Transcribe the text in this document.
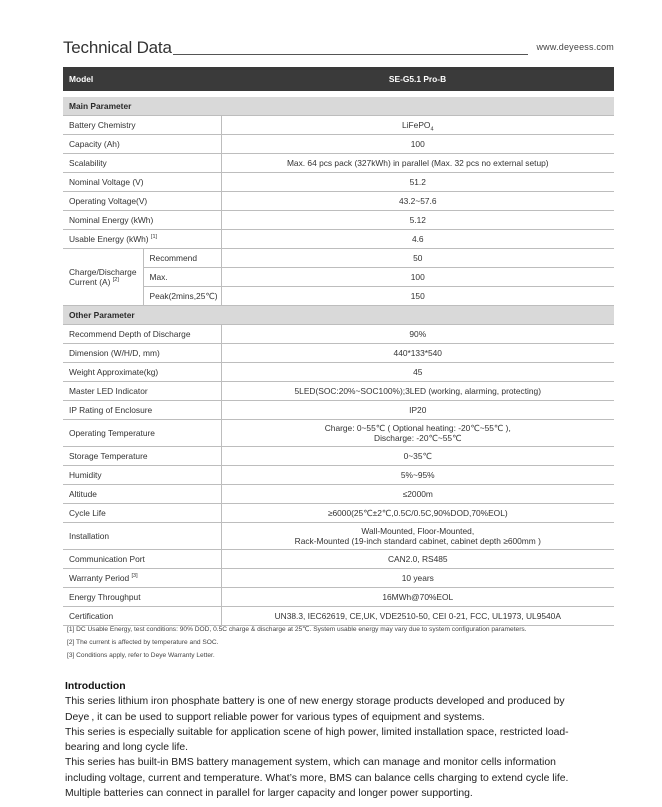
Technical Data	www.deyeess.com
Model		SE-G5.1 Pro-B

Main Parameter		
Battery Chemistry		LiFePO$_4$
Capacity (Ah)		100
Scalability		Max. 64 pcs pack (327kWh) in parallel (Max. 32 pcs no external setup)
Nominal Voltage (V)		51.2
Operating Voltage(V)		43.2~57.6
Nominal Energy (kWh)		5.12
Usable Energy (kWh) [1]		4.6
Charge/Discharge
Current (A) [2]	Recommend	50
	Max.	100
	Peak(2mins,25℃)	150
Other Parameter		
Recommend Depth of Discharge		90%
Dimension (W/H/D, mm)		440*133*540
Weight Approximate(kg)		45
Master LED Indicator		5LED(SOC:20%~SOC100%);3LED (working, alarming, protecting)
IP Rating of Enclosure		IP20
Operating Temperature		Charge: 0~55℃ ( Optional heating: -20℃~55℃ ),
Discharge: -20℃~55℃
Storage Temperature		0~35℃
Humidity		5%~95%
Altitude		≤2000m
Cycle Life		≥6000(25℃±2℃,0.5C/0.5C,90%DOD,70%EOL)
Installation		Wall-Mounted, Floor-Mounted,
Rack-Mounted (19-inch standard cabinet, cabinet depth ≥600mm )
Communication Port		CAN2.0, RS485
Warranty Period [3]		10 years
Energy Throughput		16MWh@70%EOL
Certification		UN38.3, IEC62619, CE,UK, VDE2510-50, CEI 0-21, FCC, UL1973, UL9540A
[1] DC Usable Energy, test conditions: 90% DOD, 0.5C charge & discharge at 25℃. System usable energy may vary due to system configuration parameters.
[2] The current is affected by temperature and SOC.
[3] Conditions apply, refer to Deye Warranty Letter.
Introduction

This series lithium iron phosphate battery is one of new energy storage products developed and produced by

Deye , it can be used to support reliable power for various types of equipment and systems.

This series is especially suitable for application scene of high power, limited installation space, restricted load-

bearing and long cycle life.

This series has built-in BMS battery management system, which can manage and monitor cells information

including voltage, current and temperature. What’s more, BMS can balance cells charging to extend cycle life.

Multiple batteries can connect in parallel for larger capacity and longer power supporting.
